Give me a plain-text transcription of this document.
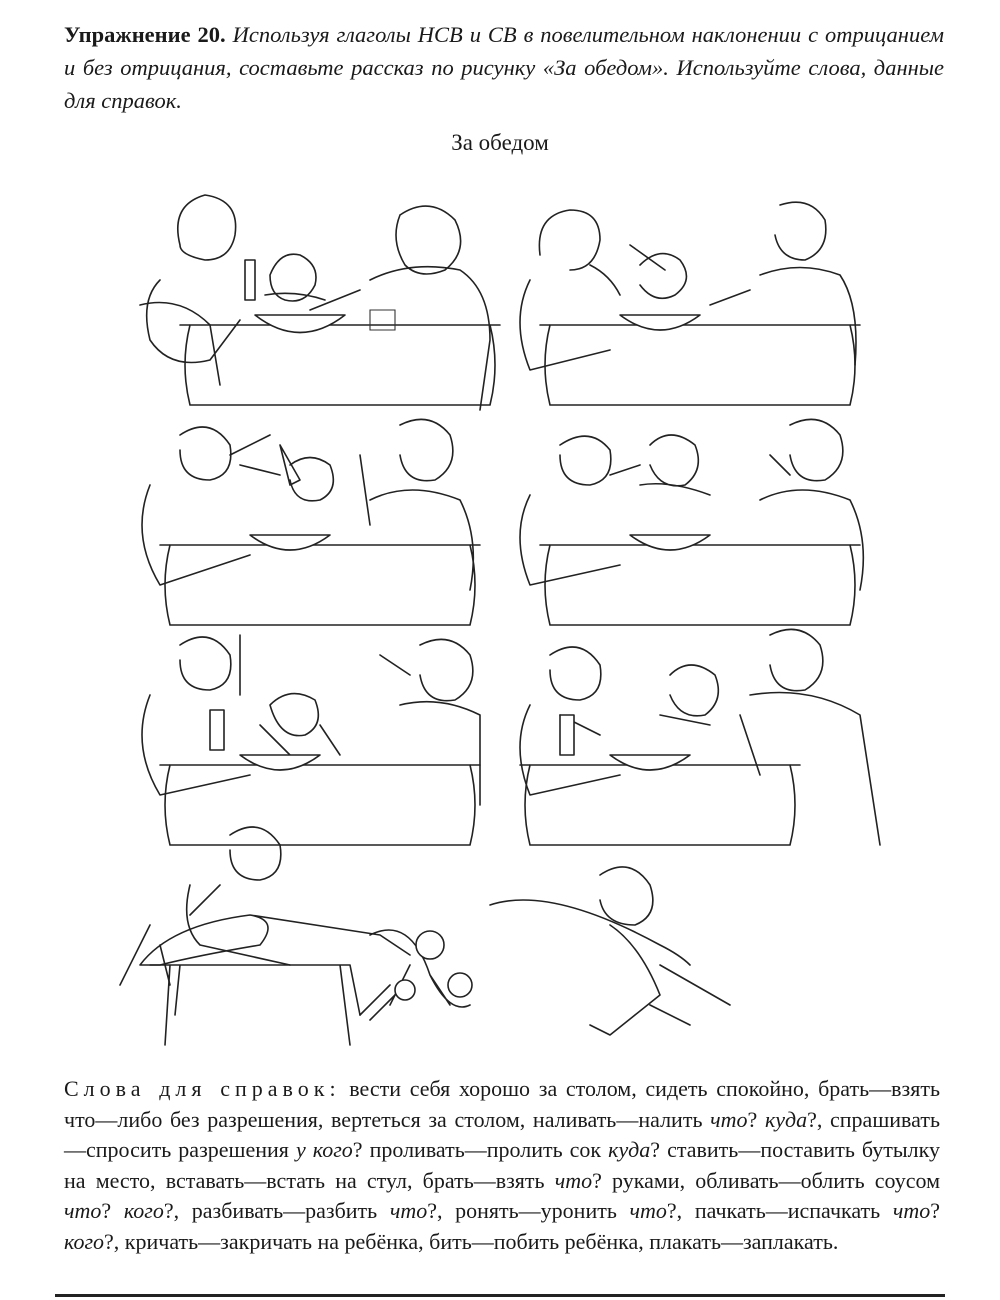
Упражнение 20. Используя глаголы НСВ и СВ в повелительном наклонении с отрицанием и без отрицания, составьте рассказ по рисунку «За обедом». Используйте слова, данные для справок.
За обедом
Слова для справок: вести себя хорошо за столом, сидеть спокойно, брать—взять что—либо без разрешения, вертеться за столом, наливать—налить что? куда?, спрашивать—спросить разрешения у кого? проливать—пролить сок куда? ставить—поставить бутылку на место, вставать—встать на стул, брать—взять что? руками, обливать—облить соусом что? кого?, разбивать—разбить что?, ронять—уронить что?, пачкать—испачкать что? кого?, кричать—закричать на ребёнка, бить—побить ребёнка, плакать—заплакать.
